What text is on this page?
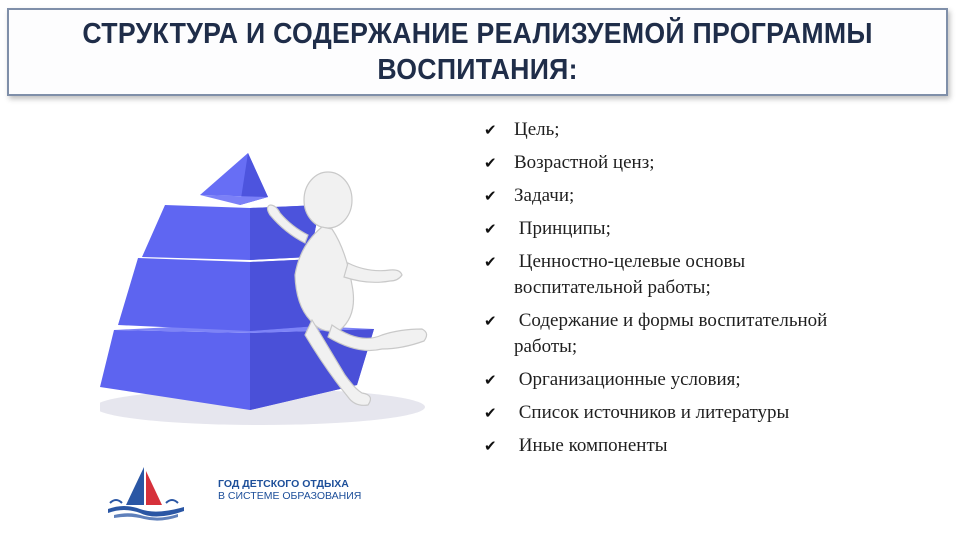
СТРУКТУРА И СОДЕРЖАНИЕ РЕАЛИЗУЕМОЙ ПРОГРАММЫ
ВОСПИТАНИЯ:
✔ Цель;
✔ Возрастной ценз;
✔ Задачи;
✔ Принципы;
✔ Ценностно-целевые основы
воспитательной работы;
✔ Содержание и формы воспитательной
работы;
✔ Организационные условия;
✔ Список источников и литературы
✔ Иные компоненты
ГОД ДЕТСКОГО ОТДЫХА
В СИСТЕМЕ ОБРАЗОВАНИЯ
